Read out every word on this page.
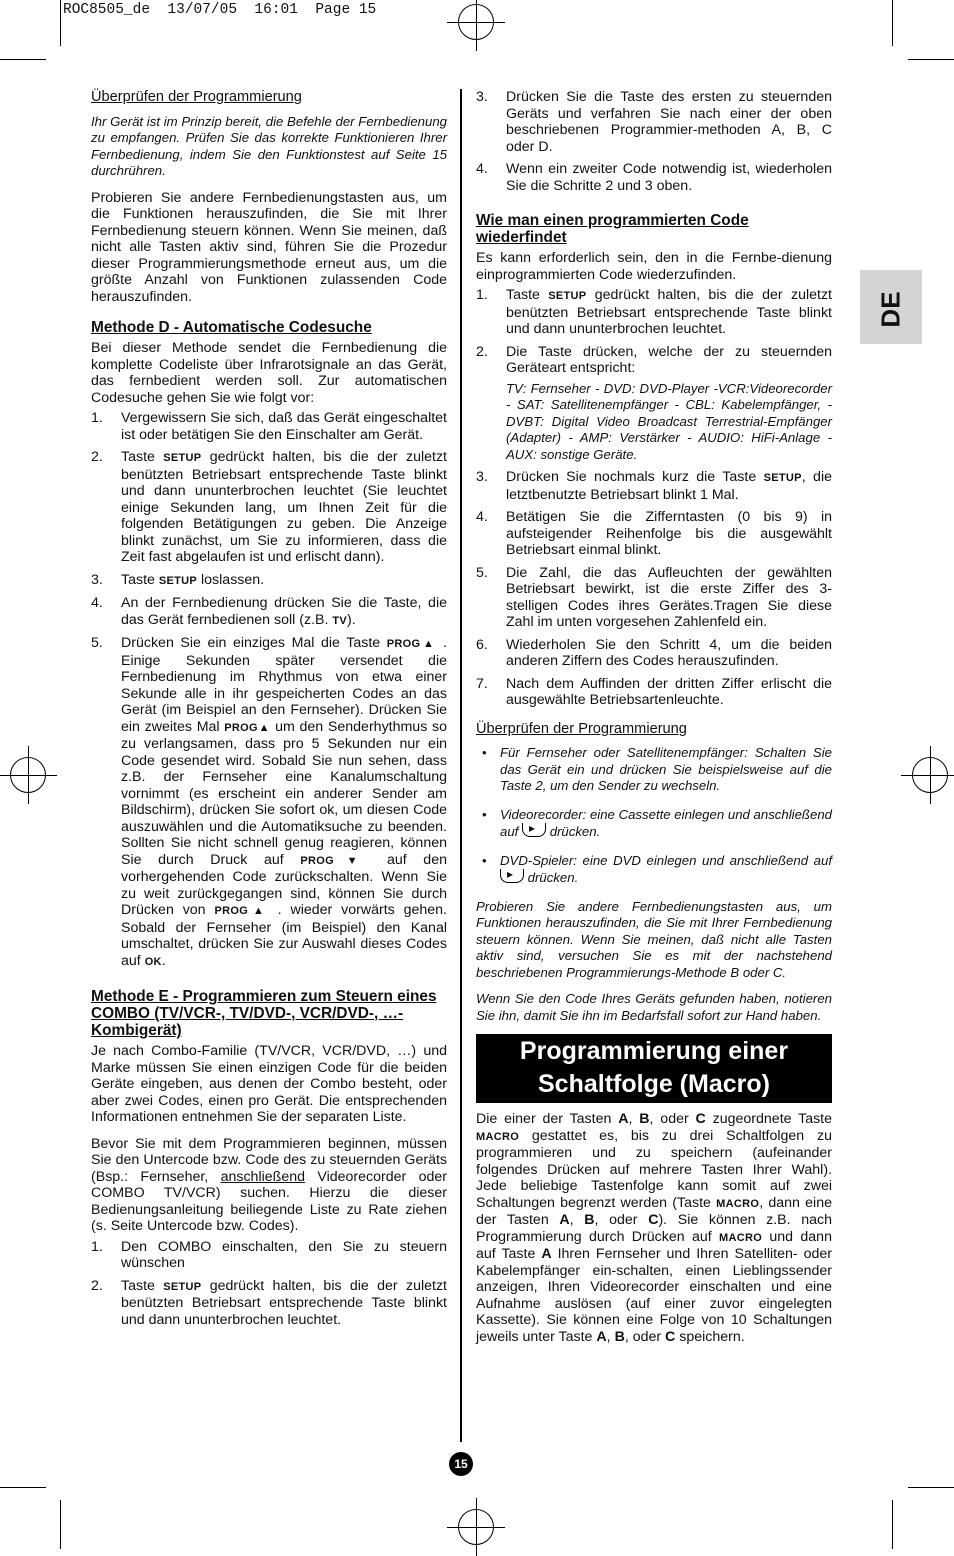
ROC8505_de  13/07/05  16:01  Page 15
DE

Überprüfen der Programmierung

Ihr Gerät ist im Prinzip bereit, die Befehle der Fernbedienung zu empfangen. Prüfen Sie das korrekte Funktionieren Ihrer Fernbedienung, indem Sie den Funktionstest auf Seite 15 durchrühren.

Probieren Sie andere Fernbedienungstasten aus, um die Funktionen herauszufinden, die Sie mit Ihrer Fernbedienung steuern können. Wenn Sie meinen, daß nicht alle Tasten aktiv sind, führen Sie die Prozedur dieser Programmierungsmethode erneut aus, um die größte Anzahl von Funktionen zulassenden Code herauszufinden.

Methode D - Automatische Codesuche

Bei dieser Methode sendet die Fernbedienung die komplette Codeliste über Infrarotsignale an das Gerät, das fernbedient werden soll. Zur automatischen Codesuche gehen Sie wie folgt vor:

1. Vergewissern Sie sich, daß das Gerät eingeschaltet ist oder betätigen Sie den Einschalter am Gerät.
2. Taste SETUP gedrückt halten, bis die der zuletzt benützten Betriebsart entsprechende Taste blinkt und dann ununterbrochen leuchtet (Sie leuchtet einige Sekunden lang, um Ihnen Zeit für die folgenden Betätigungen zu geben. Die Anzeige blinkt zunächst, um Sie zu informieren, dass die Zeit fast abgelaufen ist und erlischt dann).
3. Taste SETUP loslassen.
4. An der Fernbedienung drücken Sie die Taste, die das Gerät fernbedienen soll (z.B. TV).
5. Drücken Sie ein einziges Mal die Taste PROG▲ . Einige Sekunden später versendet die Fernbedienung im Rhythmus von etwa einer Sekunde alle in ihr gespeicherten Codes an das Gerät (im Beispiel an den Fernseher). Drücken Sie ein zweites Mal PROG▲ um den Senderhythmus so zu verlangsamen, dass pro 5 Sekunden nur ein Code gesendet wird. Sobald Sie nun sehen, dass z.B. der Fernseher eine Kanalumschaltung vornimmt (es erscheint ein anderer Sender am Bildschirm), drücken Sie sofort ok, um diesen Code auszuwählen und die Automatiksuche zu beenden. Sollten Sie nicht schnell genug reagieren, können Sie durch Druck auf PROG▼ auf den vorhergehenden Code zurückschalten. Wenn Sie zu weit zurückgegangen sind, können Sie durch Drücken von PROG▲ . wieder vorwärts gehen. Sobald der Fernseher (im Beispiel) den Kanal umschaltet, drücken Sie zur Auswahl dieses Codes auf OK.

Methode E - Programmieren zum Steuern eines COMBO (TV/VCR-, TV/DVD-, VCR/DVD-, …-Kombigerät)

Je nach Combo-Familie (TV/VCR, VCR/DVD, …) und Marke müssen Sie einen einzigen Code für die beiden Geräte eingeben, aus denen der Combo besteht, oder aber zwei Codes, einen pro Gerät. Die entsprechenden Informationen entnehmen Sie der separaten Liste.

Bevor Sie mit dem Programmieren beginnen, müssen Sie den Untercode bzw. Code des zu steuernden Geräts (Bsp.: Fernseher, anschließend Videorecorder oder COMBO TV/VCR) suchen. Hierzu die dieser Bedienungsanleitung beiliegende Liste zu Rate ziehen (s. Seite Untercode bzw. Codes).

1. Den COMBO einschalten, den Sie zu steuern wünschen
2. Taste SETUP gedrückt halten, bis die der zuletzt benützten Betriebsart entsprechende Taste blinkt und dann ununterbrochen leuchtet.
3. Drücken Sie die Taste des ersten zu steuernden Geräts und verfahren Sie nach einer der oben beschriebenen Programmier-methoden A, B, C oder D.
4. Wenn ein zweiter Code notwendig ist, wiederholen Sie die Schritte 2 und 3 oben.

Wie man einen programmierten Code wiederfindet

Es kann erforderlich sein, den in die Fernbe-dienung einprogrammierten Code wiederzufinden.

1. Taste SETUP gedrückt halten, bis die der zuletzt benützten Betriebsart entsprechende Taste blinkt und dann ununterbrochen leuchtet.
2. Die Taste drücken, welche der zu steuernden Geräteart entspricht:

TV: Fernseher - DVD: DVD-Player -VCR:Videorecorder - SAT: Satellitenempfänger - CBL: Kabelempfänger, - DVBT: Digital Video Broadcast Terrestrial-Empfänger (Adapter) - AMP: Verstärker - AUDIO: HiFi-Anlage - AUX: sonstige Geräte.
3. Drücken Sie nochmals kurz die Taste SETUP, die letztbenutzte Betriebsart blinkt 1 Mal.
4. Betätigen Sie die Zifferntasten (0 bis 9) in aufsteigender Reihenfolge bis die ausgewählt Betriebsart einmal blinkt.
5. Die Zahl, die das Aufleuchten der gewählten Betriebsart bewirkt, ist die erste Ziffer des 3-stelligen Codes ihres Gerätes.Tragen Sie diese Zahl im unten vorgesehen Zahlenfeld ein.
6. Wiederholen Sie den Schritt 4, um die beiden anderen Ziffern des Codes herauszufinden.
7. Nach dem Auffinden der dritten Ziffer erlischt die ausgewählte Betriebsartenleuchte.

Überprüfen der Programmierung

• Für Fernseher oder Satellitenempfänger: Schalten Sie das Gerät ein und drücken Sie beispielsweise auf die Taste 2, um den Sender zu wechseln.
• Videorecorder: eine Cassette einlegen und anschließend auf ▸ drücken.
• DVD-Spieler: eine DVD einlegen und anschließend auf ▸ drücken.

Probieren Sie andere Fernbedienungstasten aus, um Funktionen herauszufinden, die Sie mit Ihrer Fernbedienung steuern können. Wenn Sie meinen, daß nicht alle Tasten aktiv sind, versuchen Sie es mit der nachstehend beschriebenen Programmierungs-Methode B oder C.

Wenn Sie den Code Ihres Geräts gefunden haben, notieren Sie ihn, damit Sie ihn im Bedarfsfall sofort zur Hand haben.

Programmierung einer
Schaltfolge (Macro)

Die einer der Tasten A, B, oder C zugeordnete Taste MACRO gestattet es, bis zu drei Schaltfolgen zu programmieren und zu speichern (aufeinander folgendes Drücken auf mehrere Tasten Ihrer Wahl). Jede beliebige Tastenfolge kann somit auf zwei Schaltungen begrenzt werden (Taste MACRO, dann eine der Tasten A, B, oder C). Sie können z.B. nach Programmierung durch Drücken auf MACRO und dann auf Taste A Ihren Fernseher und Ihren Satelliten- oder Kabelempfänger ein-schalten, einen Lieblingssender anzeigen, Ihren Videorecorder einschalten und eine Aufnahme auslösen (auf einer zuvor eingelegten Kassette). Sie können eine Folge von 10 Schaltungen jeweils unter Taste A, B, oder C speichern.

15
